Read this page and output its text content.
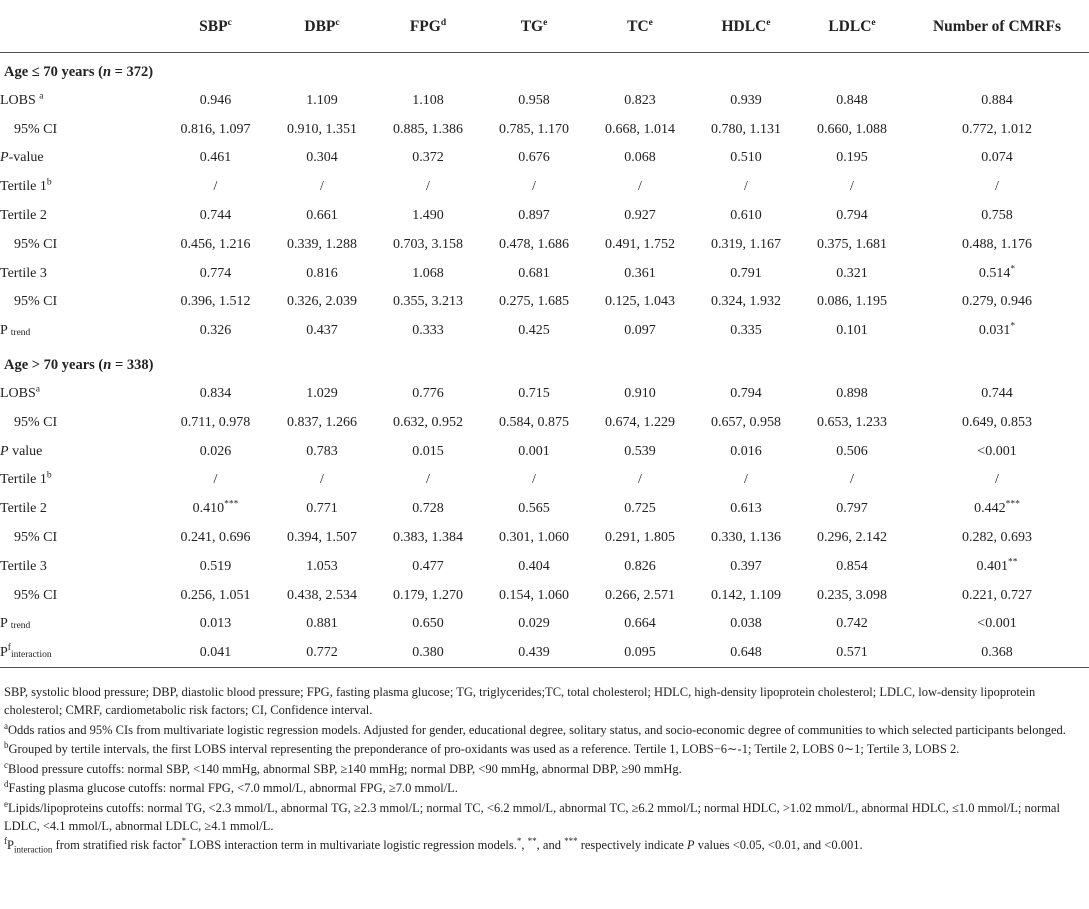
	SBP$^c$	DBP$^c$	FPG$^d$	$TG^e$	$TC^e$	HDLC$^e$	LDLCe	Number of CMRFs
Age ≤ 70 years (n = 372)								
LOBS $^a$	0.946	1.109	1.108	0.958	0.823	0.939	0.848	0.884
95% CI	0.816, 1.097	0.910, 1.351	0.885, 1.386	0.785, 1.170	0.668, 1.014	0.780, 1.131	0.660, 1.088	0.772, 1.012
P-value	0.461	0.304	0.372	0.676	0.068	0.510	0.195	0.074
Tertile 1$^b$	/	/	/	/	/	/	/	/
Tertile 2	0.744	0.661	1.490	0.897	0.927	0.610	0.794	0.758
95% CI	0.456, 1.216	0.339, 1.288	0.703, 3.158	0.478, 1.686	0.491, 1.752	0.319, 1.167	0.375, 1.681	0.488, 1.176
Tertile 3	0.774	0.816	1.068	0.681	0.361	0.791	0.321	0.514*
95% CI	0.396, 1.512	0.326, 2.039	0.355, 3.213	0.275, 1.685	0.125, 1.043	0.324, 1.932	0.086, 1.195	0.279, 0.946
P $_{trend}$	0.326	0.437	0.333	0.425	0.097	0.335	0.101	0.031*
Age > 70 years (n = 338)								
LOBS$^a$	0.834	1.029	0.776	0.715	0.910	0.794	0.898	0.744
95% CI	0.711, 0.978	0.837, 1.266	0.632, 0.952	0.584, 0.875	0.674, 1.229	0.657, 0.958	0.653, 1.233	0.649, 0.853
P value	0.026	0.783	0.015	0.001	0.539	0.016	0.506	<0.001
Tertile 1$^b$	/	/	/	/	/	/	/	/
Tertile 2	0.410***	0.771	0.728	0.565	0.725	0.613	0.797	0.442***
95% CI	0.241, 0.696	0.394, 1.507	0.383, 1.384	0.301, 1.060	0.291, 1.805	0.330, 1.136	0.296, 2.142	0.282, 0.693
Tertile 3	0.519	1.053	0.477	0.404	0.826	0.397	0.854	0.401**
95% CI	0.256, 1.051	0.438, 2.534	0.179, 1.270	0.154, 1.060	0.266, 2.571	0.142, 1.109	0.235, 3.098	0.221, 0.727
P $_{trend}$	0.013	0.881	0.650	0.029	0.664	0.038	0.742	<0.001
$P^f_{interaction}$	0.041	0.772	0.380	0.439	0.095	0.648	0.571	0.368

SBP, systolic blood pressure; DBP, diastolic blood pressure; FPG, fasting plasma glucose; TG, triglycerides;TC, total cholesterol; HDLC, high-density lipoprotein cholesterol; LDLC, low-density lipoprotein cholesterol; CMRF, cardiometabolic risk factors; CI, Confidence interval.

$^a$Odds ratios and 95% CIs from multivariate logistic regression models. Adjusted for gender, educational degree, solitary status, and socio-economic degree of communities to which selected participants belonged.

$^b$Grouped by tertile intervals, the first LOBS interval representing the preponderance of pro-oxidants was used as a reference. Tertile 1, LOBS−6∼-1; Tertile 2, LOBS 0∼1; Tertile 3, LOBS 2.

$^c$Blood pressure cutoffs: normal SBP, <140 mmHg, abnormal SBP, ≥140 mmHg; normal DBP, <90 mmHg, abnormal DBP, ≥90 mmHg.

$^d$Fasting plasma glucose cutoffs: normal FPG, <7.0 mmol/L, abnormal FPG, ≥7.0 mmol/L.

$^e$Lipids/lipoproteins cutoffs: normal TG, <2.3 mmol/L, abnormal TG, ≥2.3 mmol/L; normal TC, <6.2 mmol/L, abnormal TC, ≥6.2 mmol/L; normal HDLC, >1.02 mmol/L, abnormal HDLC, ≤1.0 mmol/L; normal LDLC, <4.1 mmol/L, abnormal LDLC, ≥4.1 mmol/L.

$^fP_{interaction}$ from stratified risk factor* LOBS interaction term in multivariate logistic regression models.*, **, and *** respectively indicate P values <0.05, <0.01, and <0.001.
